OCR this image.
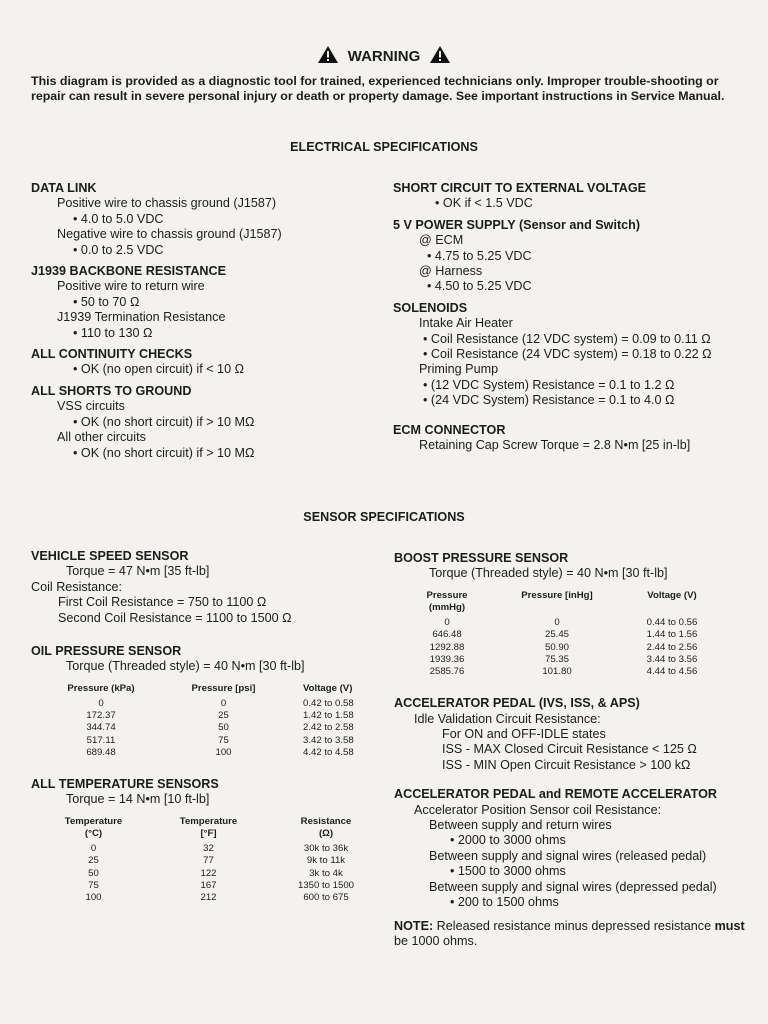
WARNING
This diagram is provided as a diagnostic tool for trained, experienced technicians only. Improper trouble-shooting or repair can result in severe personal injury or death or property damage. See important instructions in Service Manual.
ELECTRICAL SPECIFICATIONS
DATA LINK
Positive wire to chassis ground (J1587)
• 4.0 to 5.0 VDC
Negative wire to chassis ground (J1587)
• 0.0 to 2.5 VDC
J1939 BACKBONE RESISTANCE
Positive wire to return wire
• 50 to 70 Ω
J1939 Termination Resistance
• 110 to 130 Ω
ALL CONTINUITY CHECKS
• OK (no open circuit) if < 10 Ω
ALL SHORTS TO GROUND
VSS circuits
• OK (no short circuit) if > 10 MΩ
All other circuits
• OK (no short circuit) if > 10 MΩ
SHORT CIRCUIT TO EXTERNAL VOLTAGE
• OK if < 1.5 VDC
5 V POWER SUPPLY (Sensor and Switch)
@ ECM
• 4.75 to 5.25 VDC
@ Harness
• 4.50 to 5.25 VDC
SOLENOIDS
Intake Air Heater
• Coil Resistance (12 VDC system) = 0.09 to 0.11 Ω
• Coil Resistance (24 VDC system) = 0.18 to 0.22 Ω
Priming Pump
• (12 VDC System) Resistance = 0.1 to 1.2 Ω
• (24 VDC System) Resistance = 0.1 to 4.0 Ω
ECM CONNECTOR
Retaining Cap Screw Torque = 2.8 N•m [25 in-lb]
SENSOR SPECIFICATIONS
VEHICLE SPEED SENSOR
Torque = 47 N•m [35 ft-lb]
Coil Resistance:
First Coil Resistance = 750 to 1100 Ω
Second Coil Resistance = 1100 to 1500 Ω
OIL PRESSURE SENSOR
Torque (Threaded style) = 40 N•m [30 ft-lb]
Pressure (kPa)	Pressure [psi]	Voltage (V)
0	0	0.42 to 0.58
172.37	25	1.42 to 1.58
344.74	50	2.42 to 2.58
517.11	75	3.42 to 3.58
689.48	100	4.42 to 4.58
ALL TEMPERATURE SENSORS
Torque = 14 N•m [10 ft-lb]
Temperature
(°C)	Temperature
[°F]	Resistance
(Ω)
0	32	30k to 36k
25	77	9k to 11k
50	122	3k to 4k
75	167	1350 to 1500
100	212	600 to 675
BOOST PRESSURE SENSOR
Torque (Threaded style) = 40 N•m [30 ft-lb]
Pressure
(mmHg)	Pressure [inHg]	Voltage (V)
0	0	0.44 to 0.56
646.48	25.45	1.44 to 1.56
1292.88	50.90	2.44 to 2.56
1939.36	75.35	3.44 to 3.56
2585.76	101.80	4.44 to 4.56
ACCELERATOR PEDAL (IVS, ISS, & APS)
Idle Validation Circuit Resistance:
For ON and OFF-IDLE states
ISS - MAX Closed Circuit Resistance < 125 Ω
ISS - MIN Open Circuit Resistance > 100 kΩ
ACCELERATOR PEDAL and REMOTE ACCELERATOR
Accelerator Position Sensor coil Resistance:
Between supply and return wires
• 2000 to 3000 ohms
Between supply and signal wires (released pedal)
• 1500 to 3000 ohms
Between supply and signal wires (depressed pedal)
• 200 to 1500 ohms
NOTE: Released resistance minus depressed resistance must be 1000 ohms.
